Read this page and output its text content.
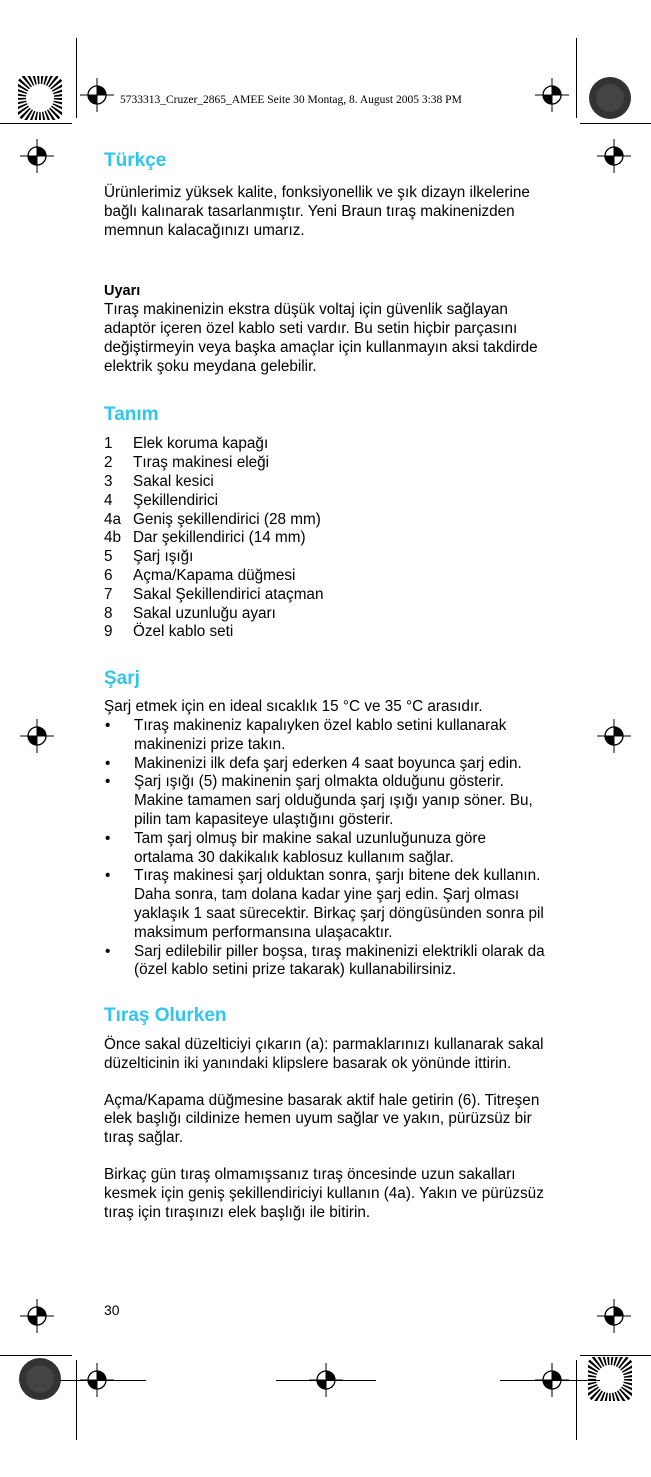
5733313_Cruzer_2865_AMEE Seite 30 Montag, 8. August 2005 3:38 PM
Türkçe

Ürünlerimiz yüksek kalite, fonksiyonellik ve şık dizayn ilkelerine bağlı kalınarak tasarlanmıştır. Yeni Braun tıraş makinenizden memnun kalacağınızı umarız.

Uyarı

Tıraş makinenizin ekstra düşük voltaj için güvenlik sağlayan adaptör içeren özel kablo seti vardır. Bu setin hiçbir parçasını değiştirmeyin veya başka amaçlar için kullanmayın aksi takdirde elektrik şoku meydana gelebilir.

Tanım
1	Elek koruma kapağı
2	Tıraş makinesi eleği
3	Sakal kesici
4	Şekillendirici
4a Geniş şekillendirici (28 mm)
4b Dar şekillendirici (14 mm)
5	Şarj ışığı
6	Açma/Kapama düğmesi
7	Sakal Şekillendirici ataçman
8	Sakal uzunluğu ayarı
9	Özel kablo seti
Şarj

Şarj etmek için en ideal sıcaklık 15 °C ve 35 °C arasıdır.

•	Tıraş makineniz kapalıyken özel kablo setini kullanarak makinenizi prize takın.
•	Makinenizi ilk defa şarj ederken 4 saat boyunca şarj edin.
•	Şarj ışığı (5) makinenin şarj olmakta olduğunu gösterir. Makine tamamen sarj olduğunda şarj ışığı yanıp söner. Bu, pilin tam kapasiteye ulaştığını gösterir.
•	Tam şarj olmuş bir makine sakal uzunluğunuza göre ortalama 30 dakikalık kablosuz kullanım sağlar.
•	Tıraş makinesi şarj olduktan sonra, şarjı bitene dek kullanın. Daha sonra, tam dolana kadar yine şarj edin. Şarj olması yaklaşık 1 saat sürecektir. Birkaç şarj döngüsünden sonra pil maksimum performansına ulaşacaktır.
•	Sarj edilebilir piller boşsa, tıraş makinenizi elektrikli olarak da (özel kablo setini prize takarak) kullanabilirsiniz.
Tıraş Olurken

Önce sakal düzelticiyi çıkarın (a): parmaklarınızı kullanarak sakal düzelticinin iki yanındaki klipslere basarak ok yönünde ittirin.

Açma/Kapama düğmesine basarak aktif hale getirin (6). Titreşen elek başlığı cildinize hemen uyum sağlar ve yakın, pürüzsüz bir tıraş sağlar.

Birkaç gün tıraş olmamışsanız tıraş öncesinde uzun sakalları kesmek için geniş şekillendiriciyi kullanın (4a). Yakın ve pürüzsüz tıraş için tıraşınızı elek başlığı ile bitirin.

30
